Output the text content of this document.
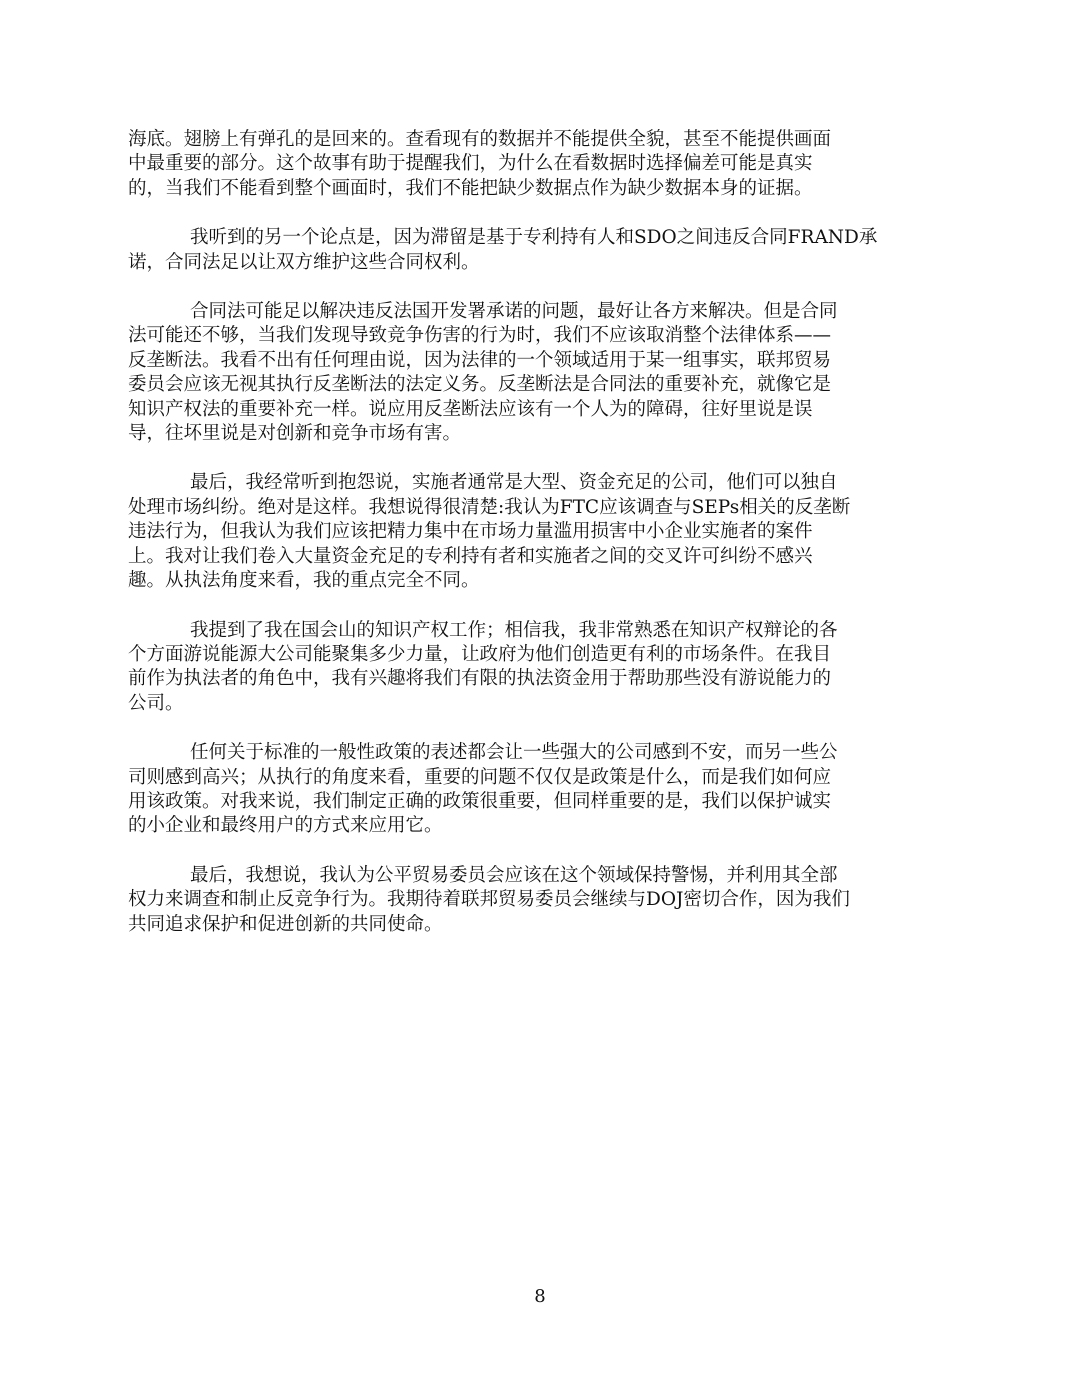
海底。翅膀上有弹孔的是回来的。查看现有的数据并不能提供全貌，甚至不能提供画面
中最重要的部分。这个故事有助于提醒我们，为什么在看数据时选择偏差可能是真实
的，当我们不能看到整个画面时，我们不能把缺少数据点作为缺少数据本身的证据。

我听到的另一个论点是，因为滞留是基于专利持有人和SDO之间违反合同FRAND承
诺，合同法足以让双方维护这些合同权利。

合同法可能足以解决违反法国开发署承诺的问题，最好让各方来解决。但是合同
法可能还不够，当我们发现导致竞争伤害的行为时，我们不应该取消整个法律体系——
反垄断法。我看不出有任何理由说，因为法律的一个领域适用于某一组事实，联邦贸易
委员会应该无视其执行反垄断法的法定义务。反垄断法是合同法的重要补充，就像它是
知识产权法的重要补充一样。说应用反垄断法应该有一个人为的障碍，往好里说是误
导，往坏里说是对创新和竞争市场有害。

最后，我经常听到抱怨说，实施者通常是大型、资金充足的公司，他们可以独自
处理市场纠纷。绝对是这样。我想说得很清楚:我认为FTC应该调查与SEPs相关的反垄断
违法行为，但我认为我们应该把精力集中在市场力量滥用损害中小企业实施者的案件
上。我对让我们卷入大量资金充足的专利持有者和实施者之间的交叉许可纠纷不感兴
趣。从执法角度来看，我的重点完全不同。

我提到了我在国会山的知识产权工作；相信我，我非常熟悉在知识产权辩论的各
个方面游说能源大公司能聚集多少力量，让政府为他们创造更有利的市场条件。在我目
前作为执法者的角色中，我有兴趣将我们有限的执法资金用于帮助那些没有游说能力的
公司。

任何关于标准的一般性政策的表述都会让一些强大的公司感到不安，而另一些公
司则感到高兴；从执行的角度来看，重要的问题不仅仅是政策是什么，而是我们如何应
用该政策。对我来说，我们制定正确的政策很重要，但同样重要的是，我们以保护诚实
的小企业和最终用户的方式来应用它。

最后，我想说，我认为公平贸易委员会应该在这个领域保持警惕，并利用其全部
权力来调查和制止反竞争行为。我期待着联邦贸易委员会继续与DOJ密切合作，因为我们
共同追求保护和促进创新的共同使命。

8
